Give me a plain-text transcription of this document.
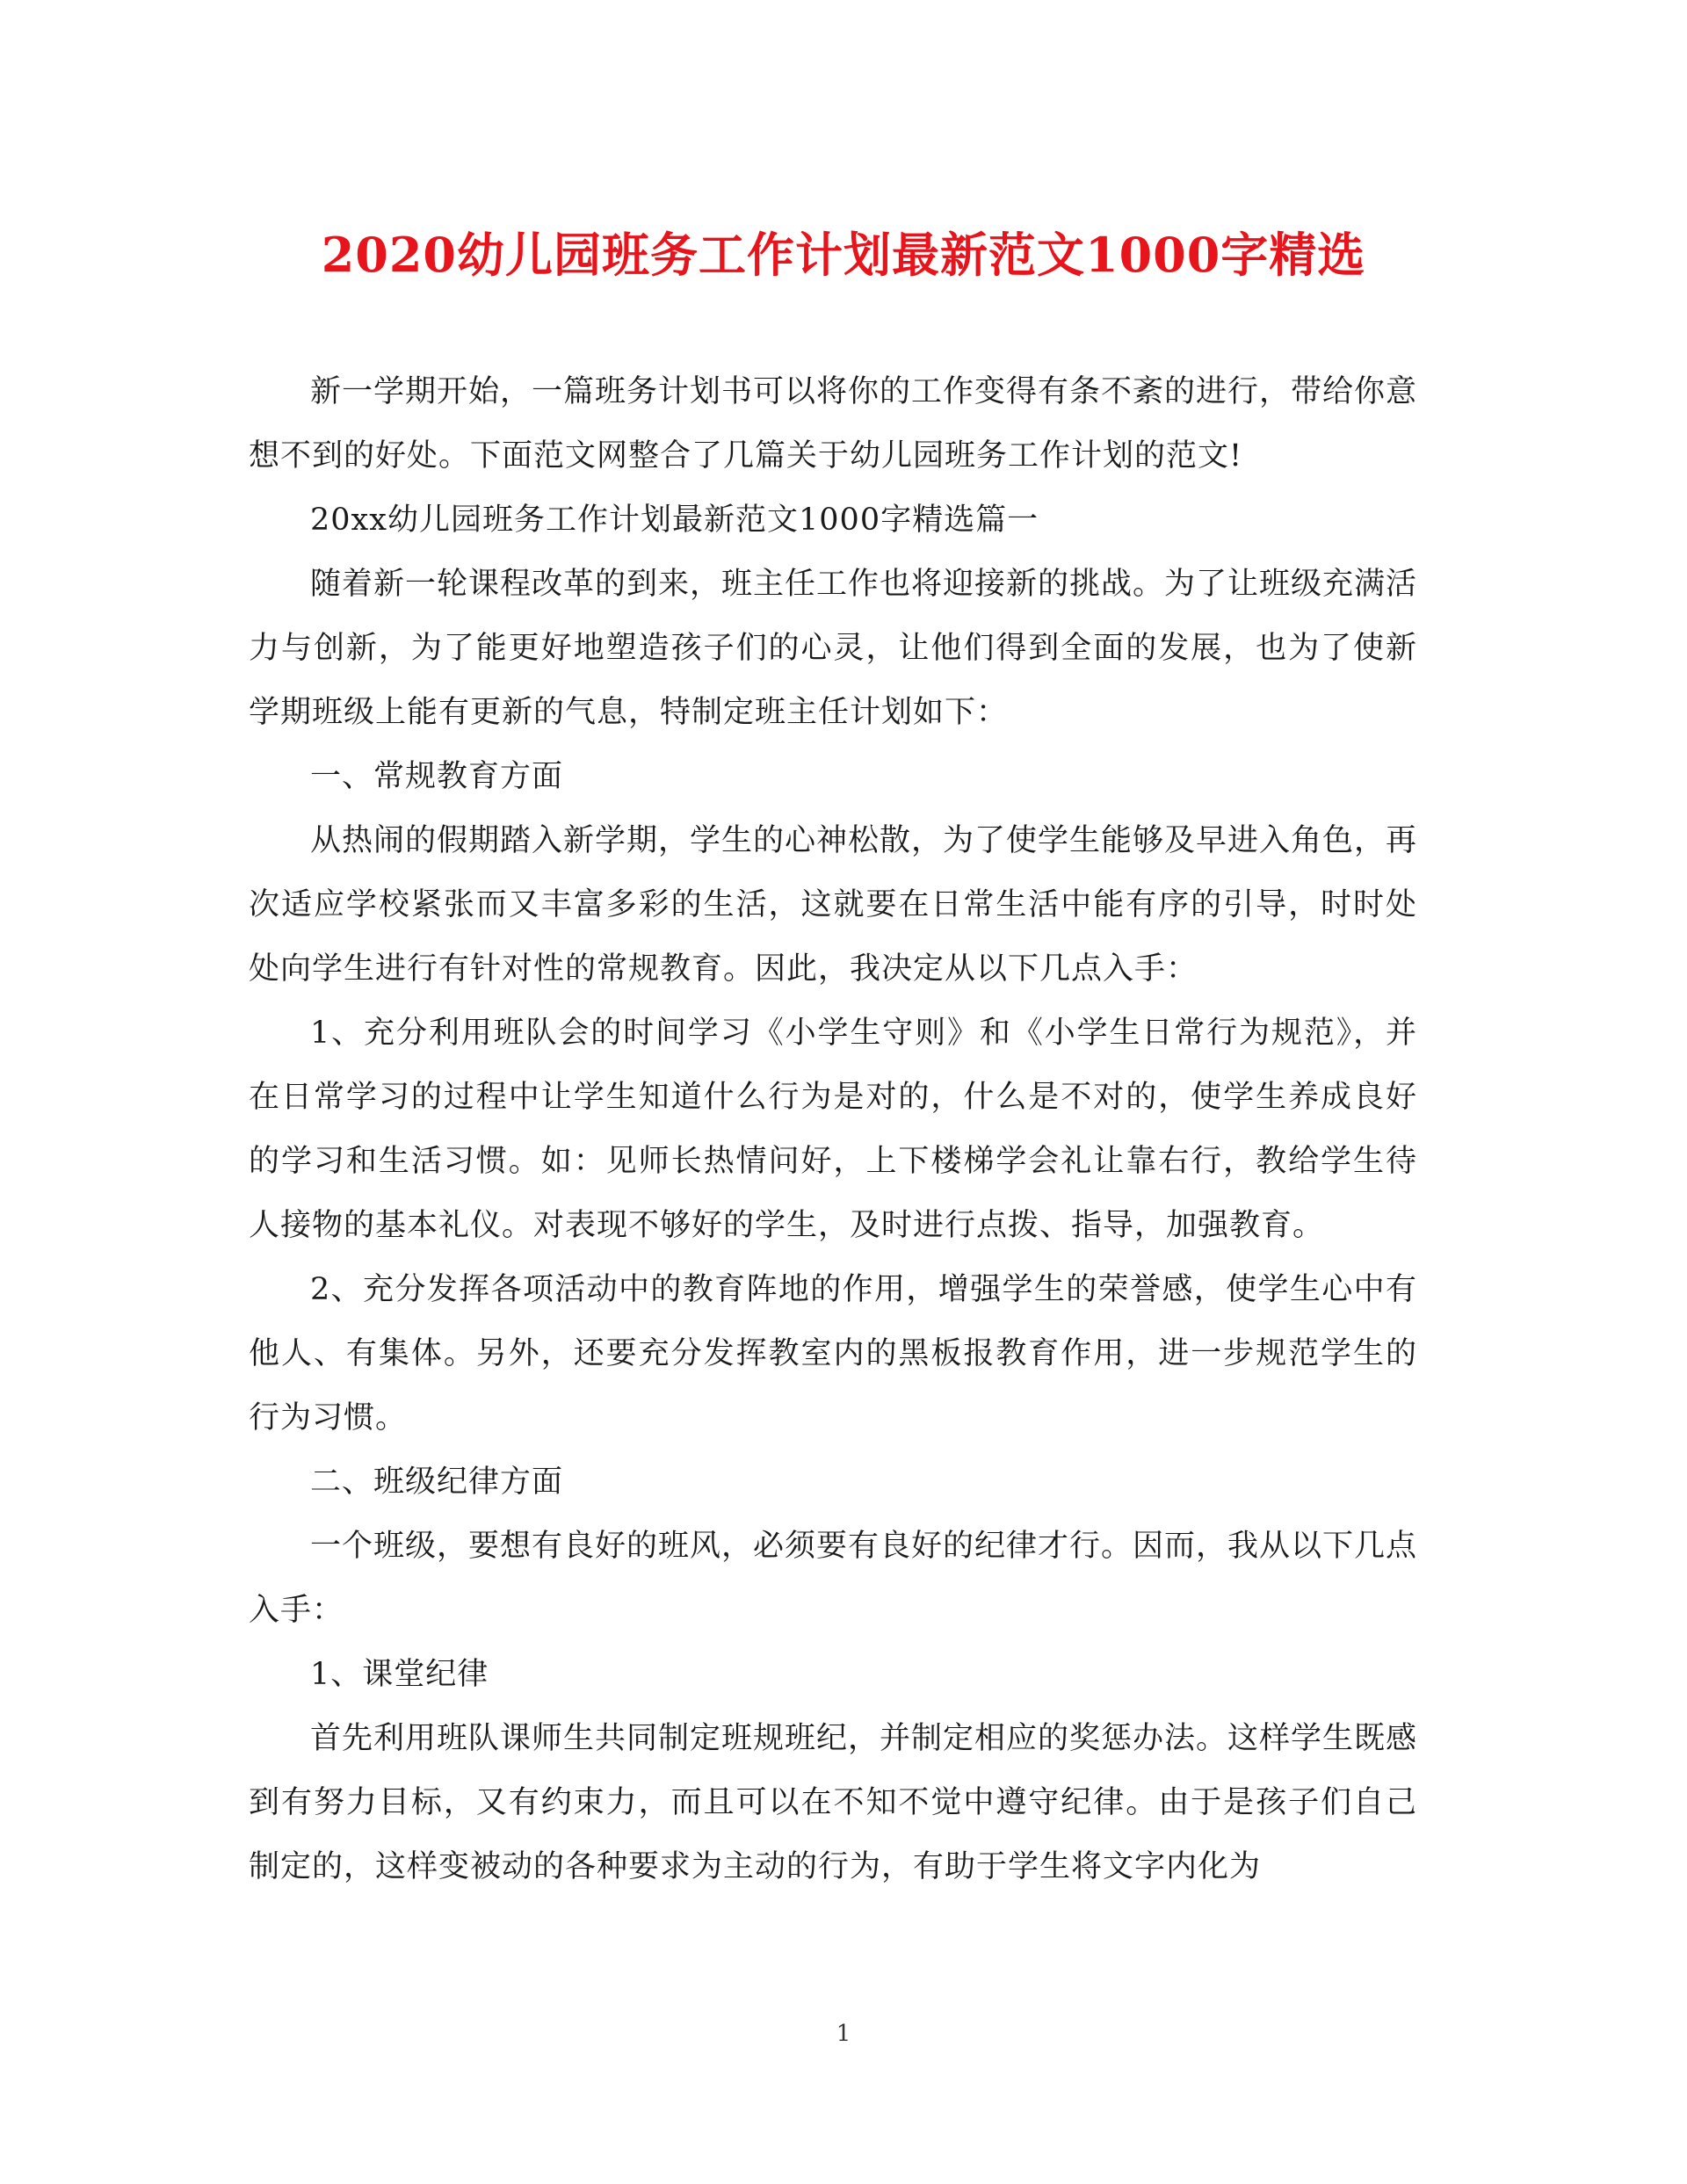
2020幼儿园班务工作计划最新范文1000字精选

新一学期开始，一篇班务计划书可以将你的工作变得有条不紊的进行，带给你意想不到的好处。下面范文网整合了几篇关于幼儿园班务工作计划的范文!

20xx幼儿园班务工作计划最新范文1000字精选篇一

随着新一轮课程改革的到来，班主任工作也将迎接新的挑战。为了让班级充满活力与创新，为了能更好地塑造孩子们的心灵，让他们得到全面的发展，也为了使新学期班级上能有更新的气息，特制定班主任计划如下：

一、常规教育方面

从热闹的假期踏入新学期，学生的心神松散，为了使学生能够及早进入角色，再次适应学校紧张而又丰富多彩的生活，这就要在日常生活中能有序的引导，时时处处向学生进行有针对性的常规教育。因此，我决定从以下几点入手：

1、充分利用班队会的时间学习《小学生守则》和《小学生日常行为规范》，并在日常学习的过程中让学生知道什么行为是对的，什么是不对的，使学生养成良好的学习和生活习惯。如：见师长热情问好，上下楼梯学会礼让靠右行，教给学生待人接物的基本礼仪。对表现不够好的学生，及时进行点拨、指导，加强教育。

2、充分发挥各项活动中的教育阵地的作用，增强学生的荣誉感，使学生心中有他人、有集体。另外，还要充分发挥教室内的黑板报教育作用，进一步规范学生的行为习惯。

二、班级纪律方面

一个班级，要想有良好的班风，必须要有良好的纪律才行。因而，我从以下几点入手：

1、课堂纪律

首先利用班队课师生共同制定班规班纪，并制定相应的奖惩办法。这样学生既感到有努力目标，又有约束力，而且可以在不知不觉中遵守纪律。由于是孩子们自己制定的，这样变被动的各种要求为主动的行为，有助于学生将文字内化为

1
